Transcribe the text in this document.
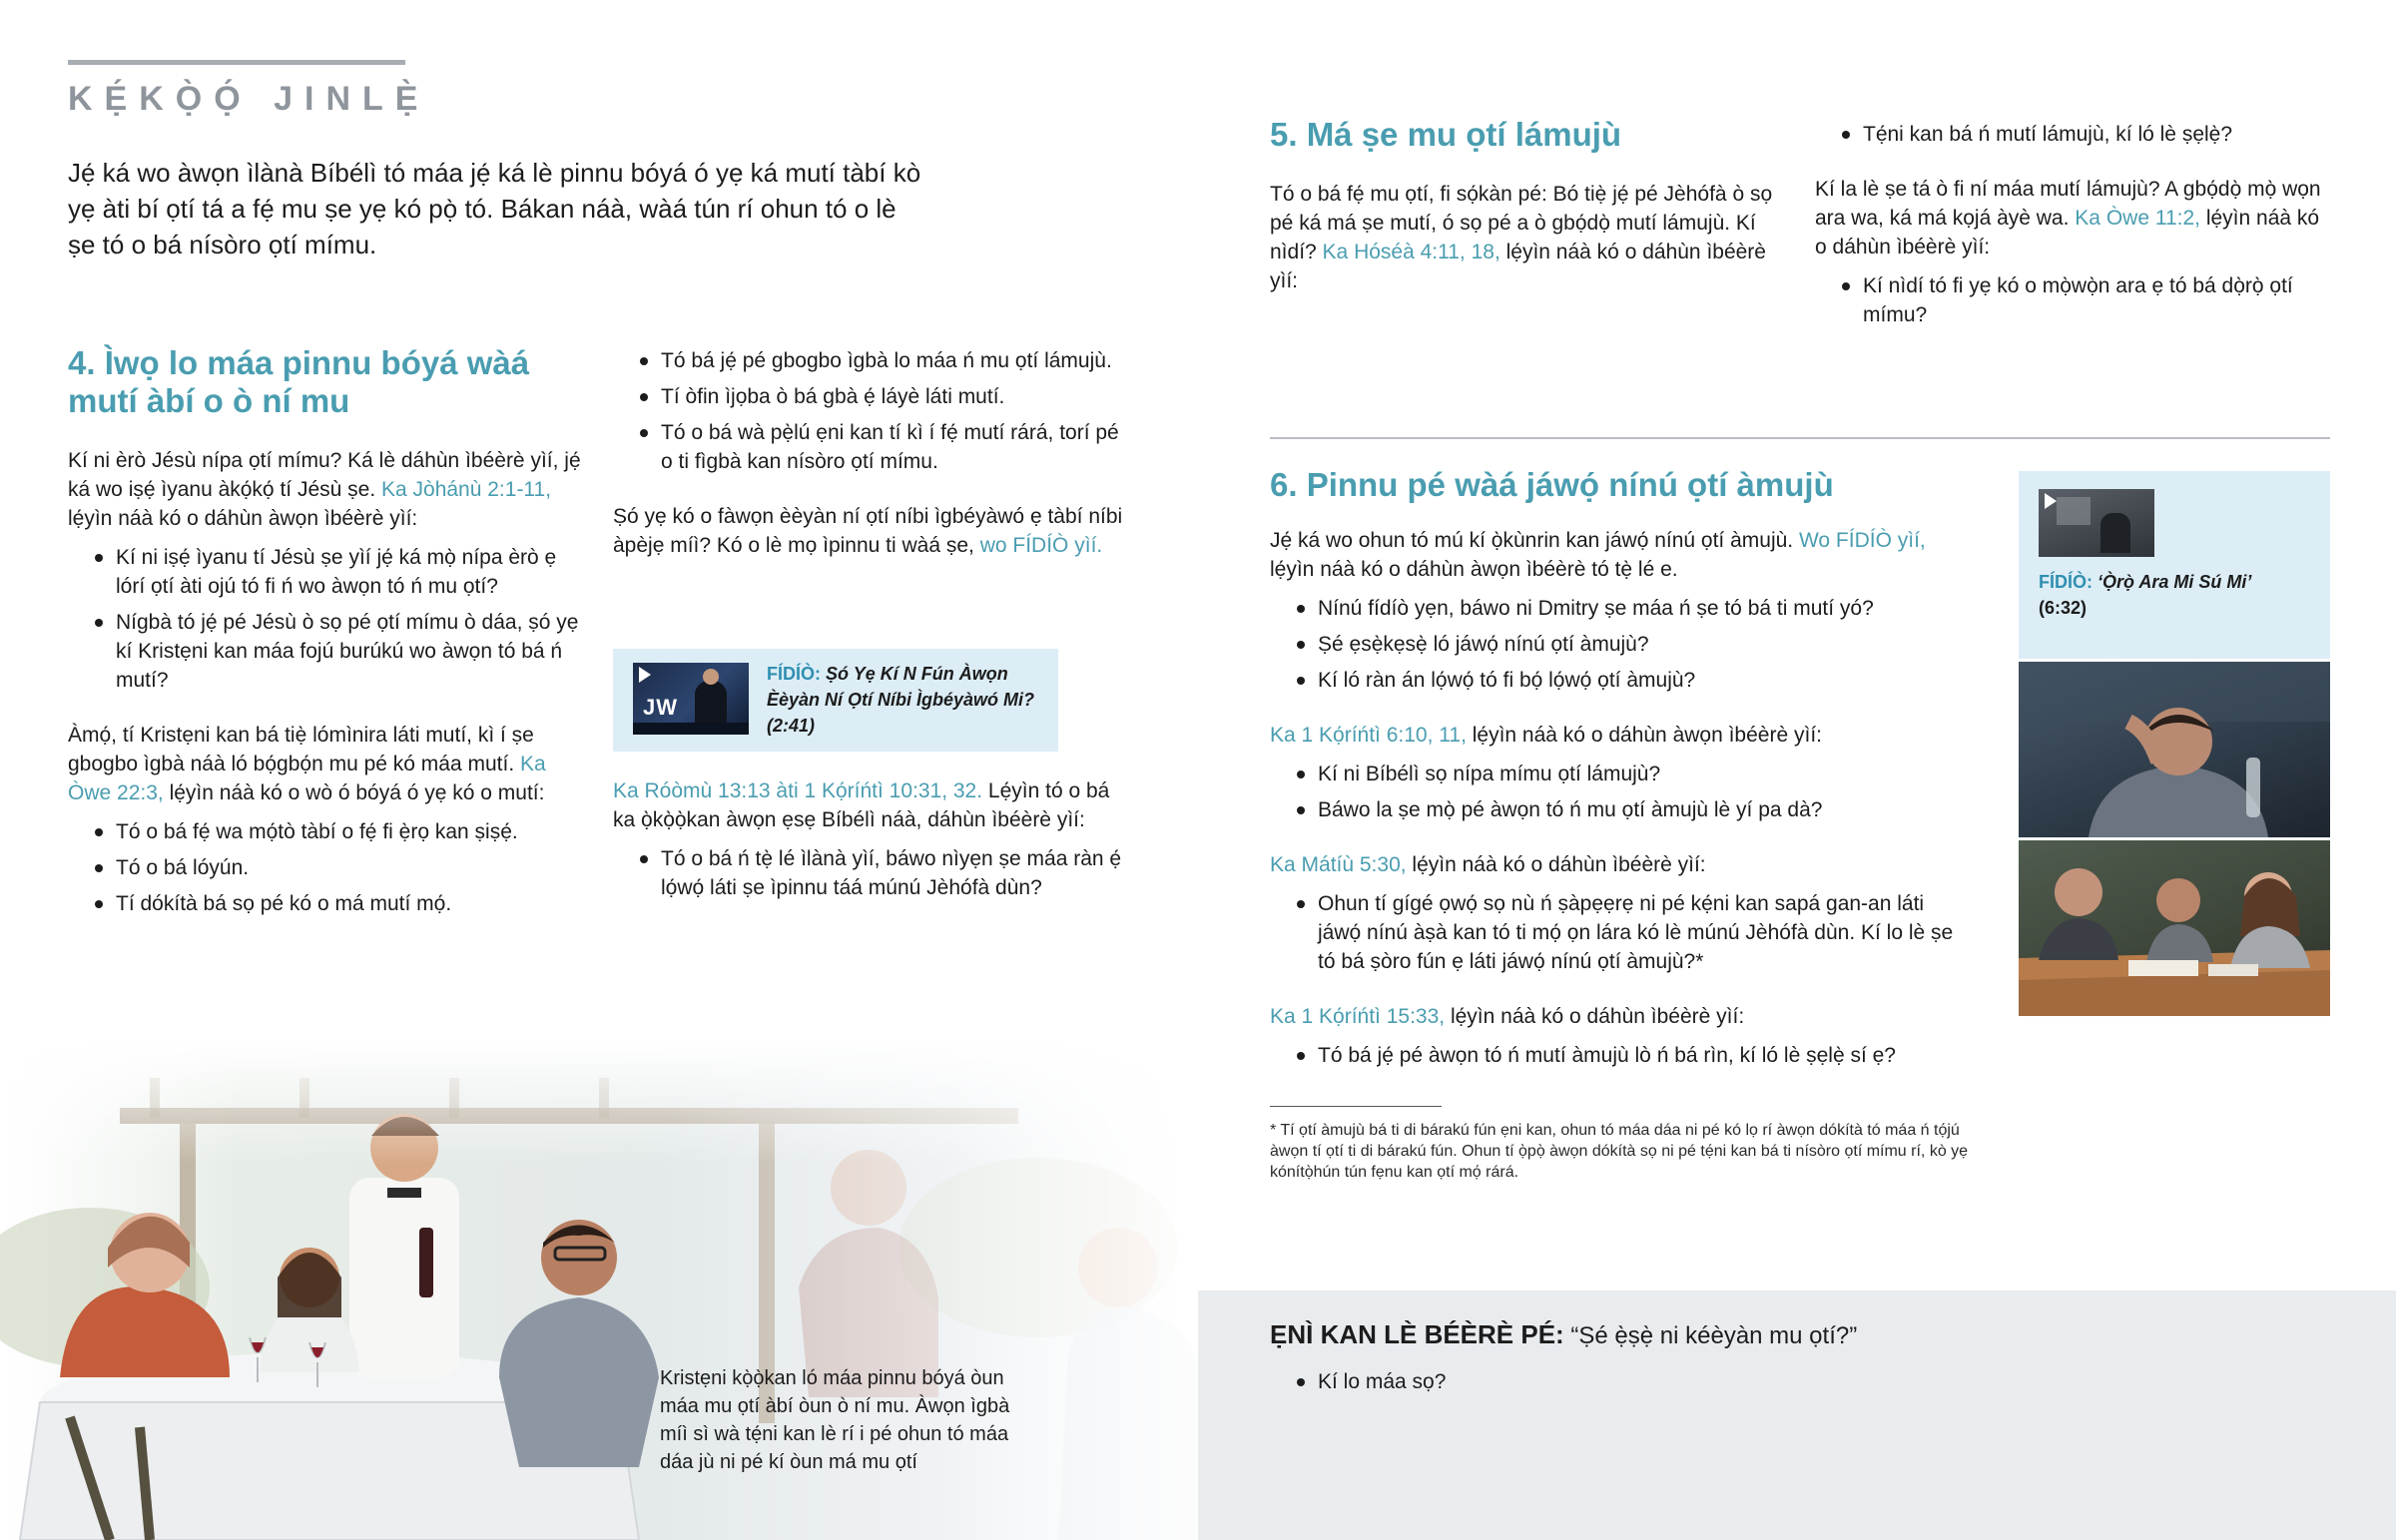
KẸ́KỌ̀Ọ́ JINLẸ̀
Jẹ́ ká wo àwọn ìlànà Bíbélì tó máa jẹ́ ká lè pinnu bóyá ó yẹ ká mutí tàbí kò yẹ àti bí ọtí tá a fẹ́ mu ṣe yẹ kó pọ̀ tó. Bákan náà, wàá tún rí ohun tó o lè ṣe tó o bá nísòro ọtí mímu.
4. Ìwọ lo máa pinnu bóyá wàá mutí àbí o ò ní mu

Kí ni èrò Jésù nípa ọtí mímu? Ká lè dáhùn ìbéèrè yìí, jẹ́ ká wo iṣẹ́ ìyanu àkọ́kọ́ tí Jésù ṣe. Ka Jòhánù 2:1-11, lẹ́yìn náà kó o dáhùn àwọn ìbéèrè yìí:

Kí ni iṣẹ́ ìyanu tí Jésù ṣe yìí jẹ́ ká mọ̀ nípa èrò ẹ lórí ọtí àti ojú tó fi ń wo àwọn tó ń mu ọtí?
Nígbà tó jẹ́ pé Jésù ò sọ pé ọtí mímu ò dáa, ṣó yẹ kí Kristẹni kan máa fojú burúkú wo àwọn tó bá ń mutí?

Àmọ́, tí Kristẹni kan bá tiẹ̀ lómìnira láti mutí, kì í ṣe gbogbo ìgbà náà ló bọ́gbọ́n mu pé kó máa mutí. Ka Òwe 22:3, lẹ́yìn náà kó o wò ó bóyá ó yẹ kó o mutí:

Tó o bá fẹ́ wa mọ́tò tàbí o fẹ́ fi ẹ̀rọ kan ṣiṣẹ́.
Tó o bá lóyún.
Tí dókítà bá sọ pé kó o má mutí mọ́.
Tó bá jẹ́ pé gbogbo ìgbà lo máa ń mu ọtí lámujù.
Tí òfin ìjọba ò bá gbà ẹ́ láyè láti mutí.
Tó o bá wà pẹ̀lú ẹni kan tí kì í fẹ́ mutí rárá, torí pé o ti fìgbà kan nísòro ọtí mímu.

Ṣó yẹ kó o fàwọn èèyàn ní ọtí níbi ìgbéyàwó ẹ tàbí níbi àpèjẹ míì? Kó o lè mọ ìpinnu ti wàá ṣe, wo FÍDÍÒ yìí.

JW
FÍDÍÒ: Ṣó Yẹ Kí N Fún Àwọn Èèyàn Ní Ọtí Níbi Ìgbéyàwó Mi? (2:41)

Ka Róòmù 13:13 àti 1 Kọ́ríńtì 10:31, 32. Lẹ́yìn tó o bá ka ọ̀kọ̀ọ̀kan àwọn ẹsẹ Bíbélì náà, dáhùn ìbéèrè yìí:

Tó o bá ń tẹ̀ lé ìlànà yìí, báwo nìyẹn ṣe máa ràn ẹ́ lọ́wọ́ láti ṣe ìpinnu táá múnú Jèhófà dùn?
Kristẹni kọ̀ọ̀kan ló máa pinnu bóyá òun máa mu ọtí àbí òun ò ní mu. Àwọn ìgbà míì sì wà tẹ́ni kan lè rí i pé ohun tó máa dáa jù ni pé kí òun má mu ọtí
5. Má ṣe mu ọtí lámujù

Tó o bá fẹ́ mu ọtí, fi sọ́kàn pé: Bó tiẹ̀ jẹ́ pé Jèhófà ò sọ pé ká má ṣe mutí, ó sọ pé a ò gbọ́dọ̀ mutí lámujù. Kí nìdí? Ka Hóséà 4:11, 18, lẹ́yìn náà kó o dáhùn ìbéèrè yìí:

Tẹ́ni kan bá ń mutí lámujù, kí ló lè ṣẹlẹ̀?

Kí la lè ṣe tá ò fi ní máa mutí lámujù? A gbọ́dọ̀ mọ̀ wọn ara wa, ká má kọjá àyè wa. Ka Òwe 11:2, lẹ́yìn náà kó o dáhùn ìbéèrè yìí:

Kí nìdí tó fi yẹ kó o mọ̀wọ̀n ara ẹ tó bá dọ̀rọ̀ ọtí mímu?
6. Pinnu pé wàá jáwọ́ nínú ọtí àmujù

Jẹ́ ká wo ohun tó mú kí ọ̀kùnrin kan jáwọ́ nínú ọtí àmujù. Wo FÍDÍÒ yìí, lẹ́yìn náà kó o dáhùn àwọn ìbéèrè tó tẹ̀ lé e.

Nínú fídíò yẹn, báwo ni Dmitry ṣe máa ń ṣe tó bá ti mutí yó?
Ṣé ẹsẹ̀kẹsẹ̀ ló jáwọ́ nínú ọtí àmujù?
Kí ló ràn án lọ́wọ́ tó fi bọ́ lọ́wọ́ ọtí àmujù?

Ka 1 Kọ́ríńtì 6:10, 11, lẹ́yìn náà kó o dáhùn àwọn ìbéèrè yìí:

Kí ni Bíbélì sọ nípa mímu ọtí lámujù?
Báwo la ṣe mọ̀ pé àwọn tó ń mu ọtí àmujù lè yí pa dà?

Ka Mátíù 5:30, lẹ́yìn náà kó o dáhùn ìbéèrè yìí:

Ohun tí gígé ọwọ́ sọ nù ń ṣàpẹẹrẹ ni pé kẹ́ni kan sapá gan-an láti jáwọ́ nínú àṣà kan tó ti mọ́ ọn lára kó lè múnú Jèhófà dùn. Kí lo lè ṣe tó bá ṣòro fún ẹ láti jáwọ́ nínú ọtí àmujù?*

Ka 1 Kọ́ríńtì 15:33, lẹ́yìn náà kó o dáhùn ìbéèrè yìí:

Tó bá jẹ́ pé àwọn tó ń mutí àmujù lò ń bá rìn, kí ló lè ṣẹlẹ̀ sí ẹ?
* Tí ọtí àmujù bá ti di bárakú fún ẹni kan, ohun tó máa dáa ni pé kó lọ rí àwọn dókítà tó máa ń tọ́jú àwọn tí ọtí ti di bárakú fún. Ohun tí ọ̀pọ̀ àwọn dókítà sọ ni pé tẹ́ni kan bá ti nísòro ọtí mímu rí, kò yẹ kónítọ̀hún tún fẹnu kan ọtí mọ́ rárá.
FÍDÍÒ: ‘Ọ̀rọ̀ Ara Mi Sú Mi’
(6:32)
ẸNÌ KAN LÈ BÉÈRÈ PÉ: “Ṣé ẹ̀ṣẹ̀ ni kéèyàn mu ọtí?”
Kí lo máa sọ?
